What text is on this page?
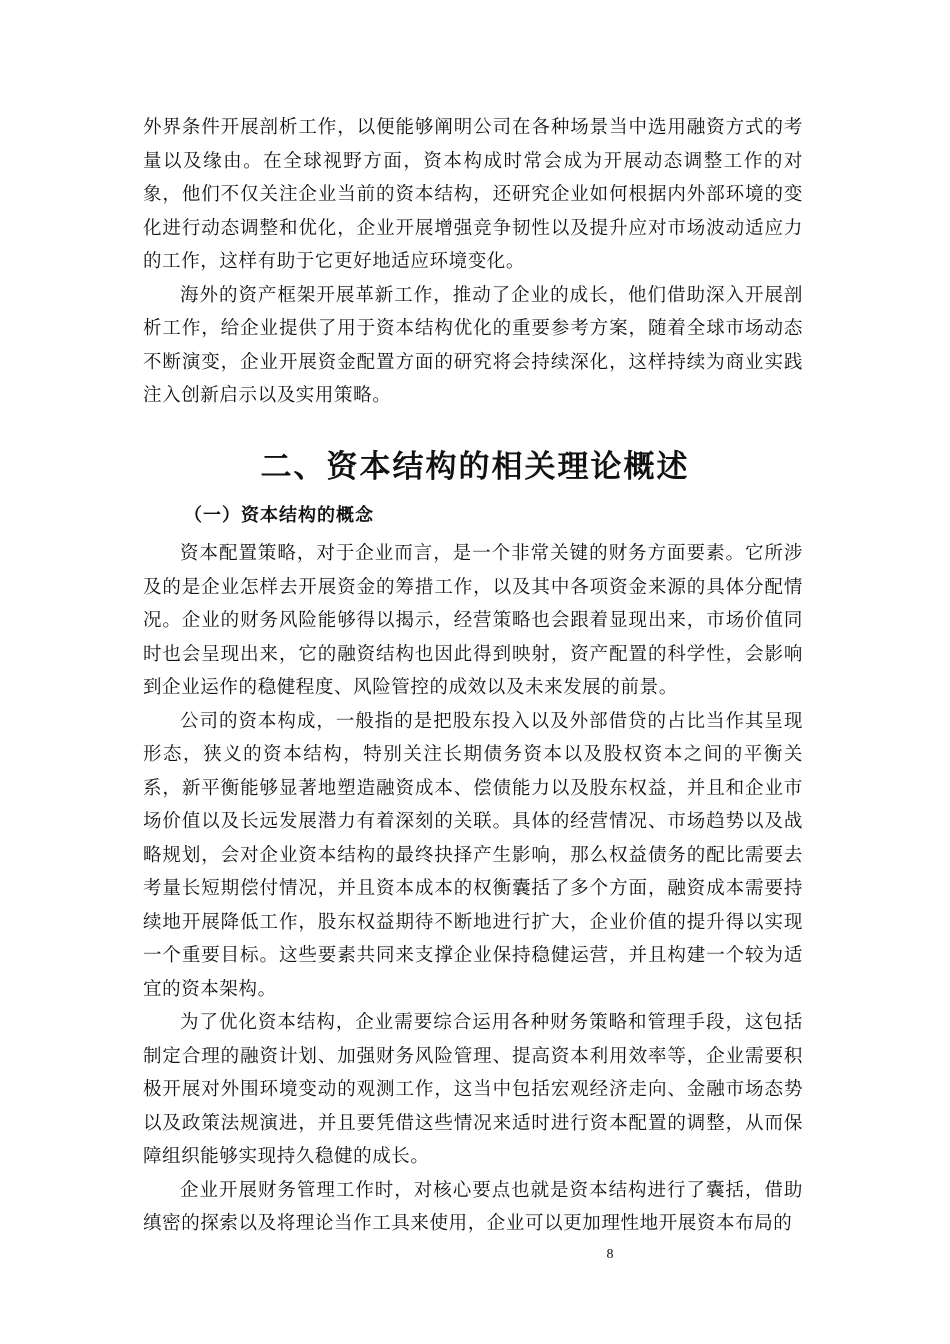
外界条件开展剖析工作，以便能够阐明公司在各种场景当中选用融资方式的考量以及缘由。在全球视野方面，资本构成时常会成为开展动态调整工作的对象，他们不仅关注企业当前的资本结构，还研究企业如何根据内外部环境的变化进行动态调整和优化，企业开展增强竞争韧性以及提升应对市场波动适应力的工作，这样有助于它更好地适应环境变化。

海外的资产框架开展革新工作，推动了企业的成长，他们借助深入开展剖析工作，给企业提供了用于资本结构优化的重要参考方案，随着全球市场动态不断演变，企业开展资金配置方面的研究将会持续深化，这样持续为商业实践注入创新启示以及实用策略。

二、资本结构的相关理论概述
（一）资本结构的概念

资本配置策略，对于企业而言，是一个非常关键的财务方面要素。它所涉及的是企业怎样去开展资金的筹措工作，以及其中各项资金来源的具体分配情况。企业的财务风险能够得以揭示，经营策略也会跟着显现出来，市场价值同时也会呈现出来，它的融资结构也因此得到映射，资产配置的科学性，会影响到企业运作的稳健程度、风险管控的成效以及未来发展的前景。

公司的资本构成，一般指的是把股东投入以及外部借贷的占比当作其呈现形态，狭义的资本结构，特别关注长期债务资本以及股权资本之间的平衡关系，新平衡能够显著地塑造融资成本、偿债能力以及股东权益，并且和企业市场价值以及长远发展潜力有着深刻的关联。具体的经营情况、市场趋势以及战略规划，会对企业资本结构的最终抉择产生影响，那么权益债务的配比需要去考量长短期偿付情况，并且资本成本的权衡囊括了多个方面，融资成本需要持续地开展降低工作，股东权益期待不断地进行扩大，企业价值的提升得以实现一个重要目标。这些要素共同来支撑企业保持稳健运营，并且构建一个较为适宜的资本架构。

为了优化资本结构，企业需要综合运用各种财务策略和管理手段，这包括制定合理的融资计划、加强财务风险管理、提高资本利用效率等，企业需要积极开展对外围环境变动的观测工作，这当中包括宏观经济走向、金融市场态势以及政策法规演进，并且要凭借这些情况来适时进行资本配置的调整，从而保障组织能够实现持久稳健的成长。

企业开展财务管理工作时，对核心要点也就是资本结构进行了囊括，借助缜密的探索以及将理论当作工具来使用，企业可以更加理性地开展资本布局的

8
